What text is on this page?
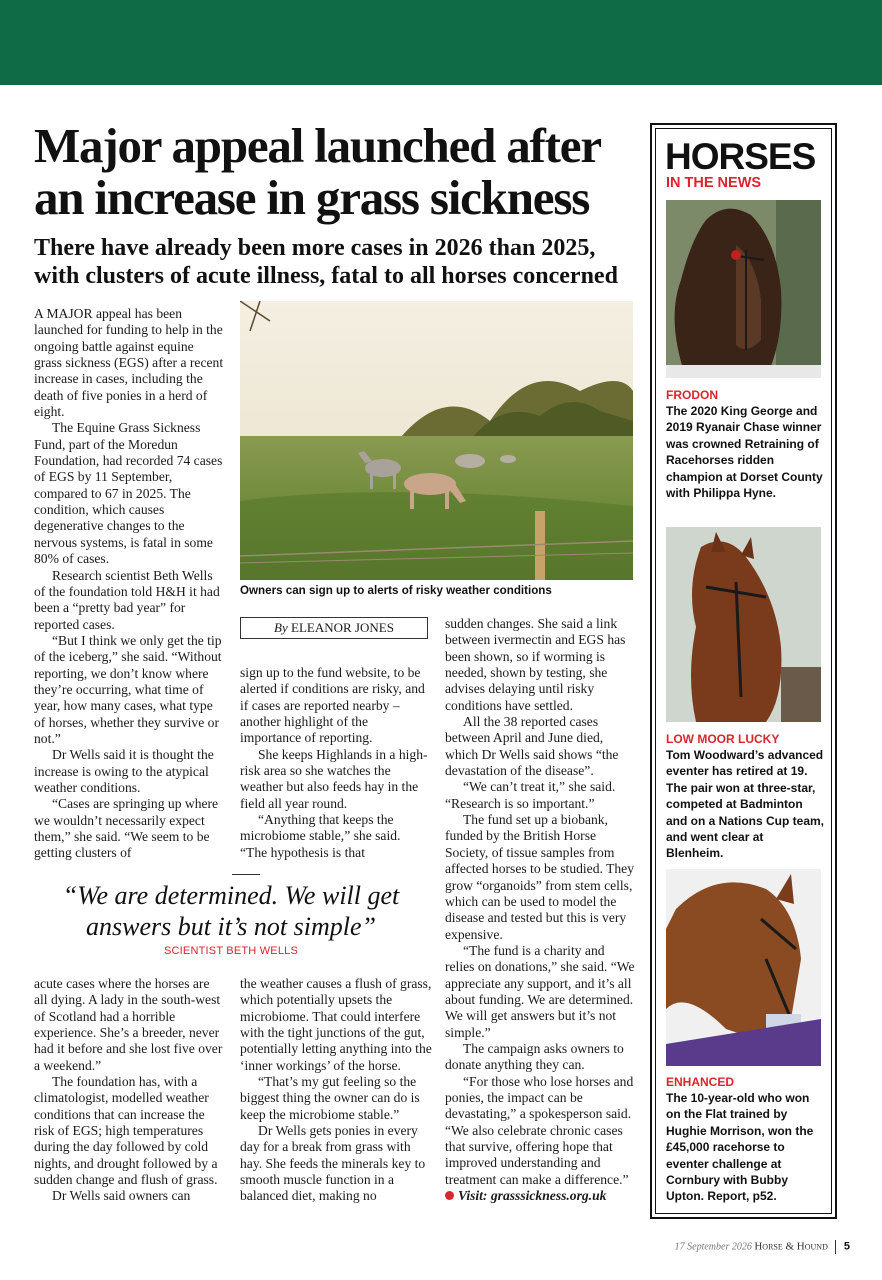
Major appeal launched after an increase in grass sickness
There have already been more cases in 2026 than 2025, with clusters of acute illness, fatal to all horses concerned

A MAJOR appeal has been launched for funding to help in the ongoing battle against equine grass sickness (EGS) after a recent increase in cases, including the death of five ponies in a herd of eight.

The Equine Grass Sickness Fund, part of the Moredun Foundation, had recorded 74 cases of EGS by 11 September, compared to 67 in 2025. The condition, which causes degenerative changes to the nervous systems, is fatal in some 80% of cases.

Research scientist Beth Wells of the foundation told H&H it had been a “pretty bad year” for reported cases.

“But I think we only get the tip of the iceberg,” she said. “Without reporting, we don’t know where they’re occurring, what time of year, how many cases, what type of horses, whether they survive or not.”

Dr Wells said it is thought the increase is owing to the atypical weather conditions.

“Cases are springing up where we wouldn’t necessarily expect them,” she said. “We seem to be getting clusters of

Owners can sign up to alerts of risky weather conditions
By ELEANOR JONES

sign up to the fund website, to be alerted if conditions are risky, and if cases are reported nearby – another highlight of the importance of reporting.

She keeps Highlands in a high-risk area so she watches the weather but also feeds hay in the field all year round.

“Anything that keeps the microbiome stable,” she said. “The hypothesis is that

“We are determined. We will get answers but it’s not simple”
SCIENTIST BETH WELLS

acute cases where the horses are all dying. A lady in the south-west of Scotland had a horrible experience. She’s a breeder, never had it before and she lost five over a weekend.”

The foundation has, with a climatologist, modelled weather conditions that can increase the risk of EGS; high temperatures during the day followed by cold nights, and drought followed by a sudden change and flush of grass.

Dr Wells said owners can

the weather causes a flush of grass, which potentially upsets the microbiome. That could interfere with the tight junctions of the gut, potentially letting anything into the ‘inner workings’ of the horse.

“That’s my gut feeling so the biggest thing the owner can do is keep the microbiome stable.”

Dr Wells gets ponies in every day for a break from grass with hay. She feeds the minerals key to smooth muscle function in a balanced diet, making no

sudden changes. She said a link between ivermectin and EGS has been shown, so if worming is needed, shown by testing, she advises delaying until risky conditions have settled.

All the 38 reported cases between April and June died, which Dr Wells said shows “the devastation of the disease”.

“We can’t treat it,” she said. “Research is so important.”

The fund set up a biobank, funded by the British Horse Society, of tissue samples from affected horses to be studied. They grow “organoids” from stem cells, which can be used to model the disease and tested but this is very expensive.

“The fund is a charity and relies on donations,” she said. “We appreciate any support, and it’s all about funding. We are determined. We will get answers but it’s not simple.”

The campaign asks owners to donate anything they can.

“For those who lose horses and ponies, the impact can be devastating,” a spokesperson said. “We also celebrate chronic cases that survive, offering hope that improved understanding and treatment can make a difference.”

Visit: grasssickness.org.uk

HORSES
IN THE NEWS
FRODON
The 2020 King George and 2019 Ryanair Chase winner was crowned Retraining of Racehorses ridden champion at Dorset County with Philippa Hyne.
LOW MOOR LUCKY
Tom Woodward’s advanced eventer has retired at 19. The pair won at three-star, competed at Badminton and on a Nations Cup team, and went clear at Blenheim.
ENHANCED
The 10-year-old who won on the Flat trained by Hughie Morrison, won the £45,000 racehorse to eventer challenge at Cornbury with Bubby Upton. Report, p52.
17 September 2026 Horse & Hound 5
